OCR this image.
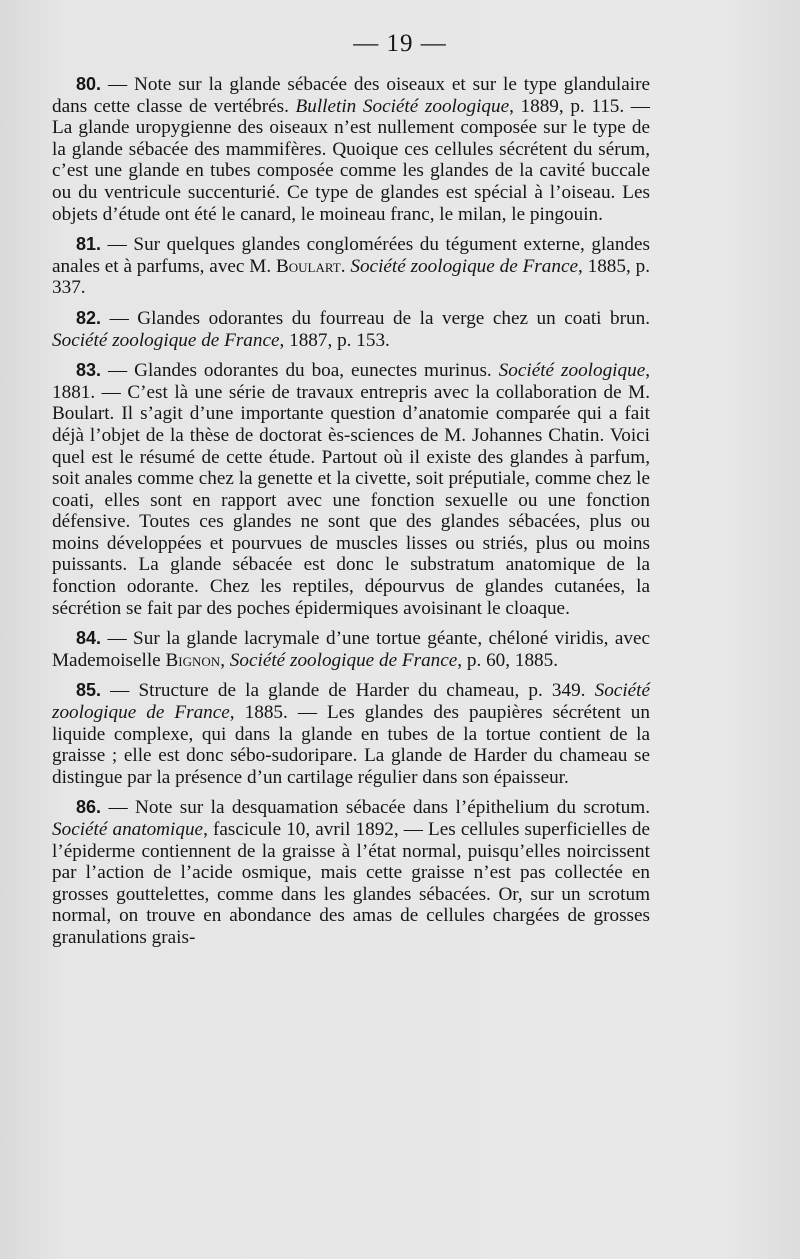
— 19 —

80. — Note sur la glande sébacée des oiseaux et sur le type glandulaire dans cette classe de vertébrés. Bulletin Société zoologique, 1889, p. 115. — La glande uropygienne des oiseaux n’est nullement composée sur le type de la glande sébacée des mammifères. Quoique ces cellules sécrétent du sérum, c’est une glande en tubes composée comme les glandes de la cavité buccale ou du ventricule succenturié. Ce type de glandes est spécial à l’oiseau. Les objets d’étude ont été le canard, le moineau franc, le milan, le pingouin.

81. — Sur quelques glandes conglomérées du tégument externe, glandes anales et à parfums, avec M. Boulart. Société zoologique de France, 1885, p. 337.

82. — Glandes odorantes du fourreau de la verge chez un coati brun. Société zoologique de France, 1887, p. 153.

83. — Glandes odorantes du boa, eunectes murinus. Société zoologique, 1881. — C’est là une série de travaux entrepris avec la collaboration de M. Boulart. Il s’agit d’une importante question d’anatomie comparée qui a fait déjà l’objet de la thèse de doctorat ès-sciences de M. Johannes Chatin. Voici quel est le résumé de cette étude. Partout où il existe des glandes à parfum, soit anales comme chez la genette et la civette, soit préputiale, comme chez le coati, elles sont en rapport avec une fonction sexuelle ou une fonction défensive. Toutes ces glandes ne sont que des glandes sébacées, plus ou moins développées et pourvues de muscles lisses ou striés, plus ou moins puissants. La glande sébacée est donc le substratum anatomique de la fonction odorante. Chez les reptiles, dépourvus de glandes cutanées, la sécrétion se fait par des poches épidermiques avoisinant le cloaque.

84. — Sur la glande lacrymale d’une tortue géante, chéloné viridis, avec Mademoiselle Bignon, Société zoologique de France, p. 60, 1885.

85. — Structure de la glande de Harder du chameau, p. 349. Société zoologique de France, 1885. — Les glandes des paupières sécrétent un liquide complexe, qui dans la glande en tubes de la tortue contient de la graisse ; elle est donc sébo-sudoripare. La glande de Harder du chameau se distingue par la présence d’un cartilage régulier dans son épaisseur.

86. — Note sur la desquamation sébacée dans l’épithelium du scrotum. Société anatomique, fascicule 10, avril 1892, — Les cellules superficielles de l’épiderme contiennent de la graisse à l’état normal, puisqu’elles noircissent par l’action de l’acide osmique, mais cette graisse n’est pas collectée en grosses gouttelettes, comme dans les glandes sébacées. Or, sur un scrotum normal, on trouve en abondance des amas de cellules chargées de grosses granulations grais-
